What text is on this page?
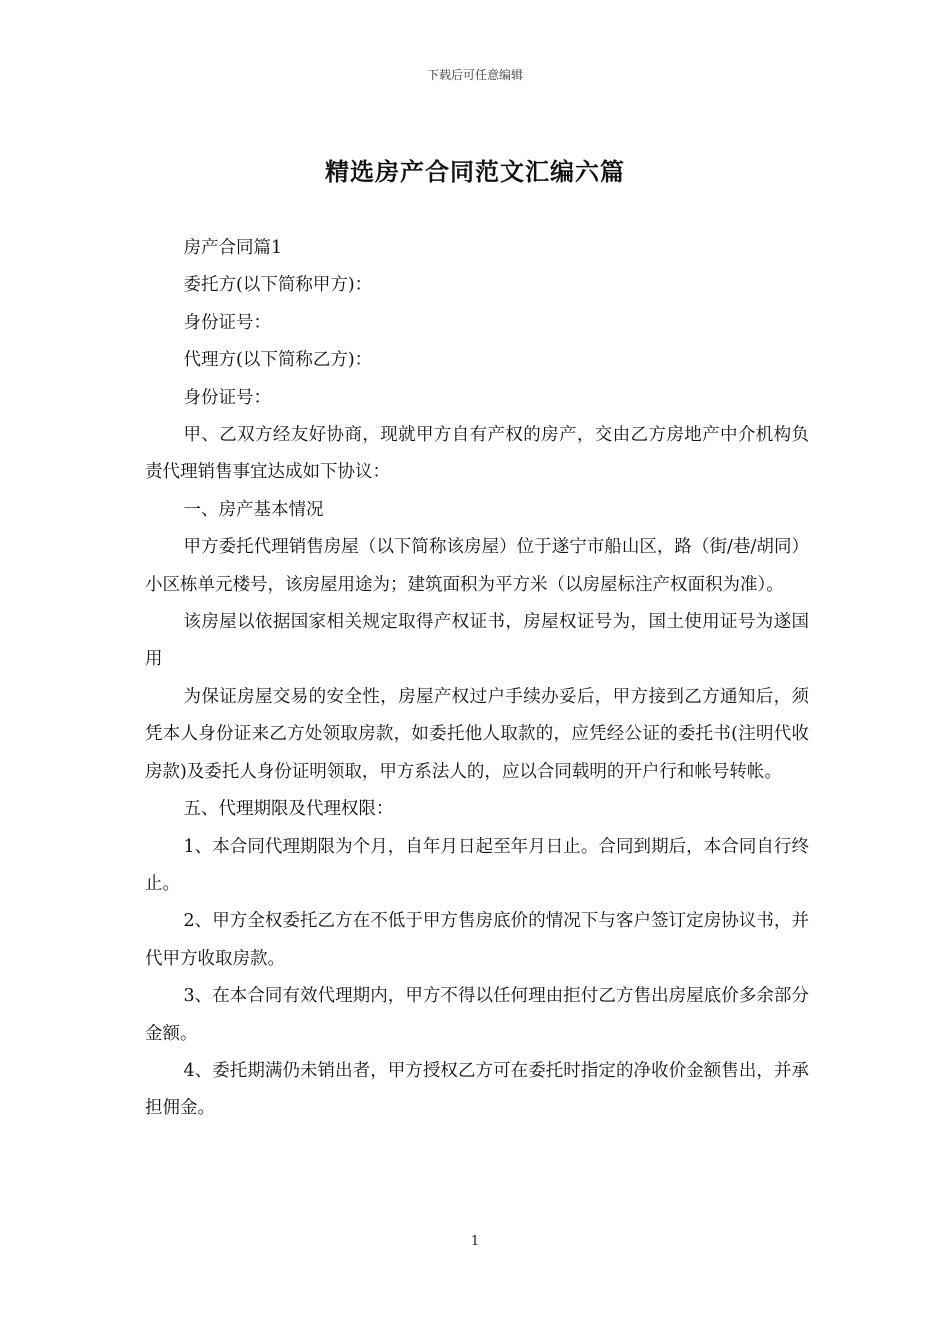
下载后可任意编辑
精选房产合同范文汇编六篇

房产合同篇1

委托方(以下简称甲方)：

身份证号：

代理方(以下简称乙方)：

身份证号：

甲、乙双方经友好协商，现就甲方自有产权的房产，交由乙方房地产中介机构负责代理销售事宜达成如下协议：

一、房产基本情况

甲方委托代理销售房屋（以下简称该房屋）位于遂宁市船山区，路（街/巷/胡同）小区栋单元楼号，该房屋用途为；建筑面积为平方米（以房屋标注产权面积为准）。

该房屋以依据国家相关规定取得产权证书，房屋权证号为，国土使用证号为遂国用

为保证房屋交易的安全性，房屋产权过户手续办妥后，甲方接到乙方通知后，须凭本人身份证来乙方处领取房款，如委托他人取款的，应凭经公证的委托书(注明代收房款)及委托人身份证明领取，甲方系法人的，应以合同载明的开户行和帐号转帐。

五、代理期限及代理权限：

1、本合同代理期限为个月，自年月日起至年月日止。合同到期后，本合同自行终止。

2、甲方全权委托乙方在不低于甲方售房底价的情况下与客户签订定房协议书，并代甲方收取房款。

3、在本合同有效代理期内，甲方不得以任何理由拒付乙方售出房屋底价多余部分金额。

4、委托期满仍未销出者，甲方授权乙方可在委托时指定的净收价金额售出，并承担佣金。

1
